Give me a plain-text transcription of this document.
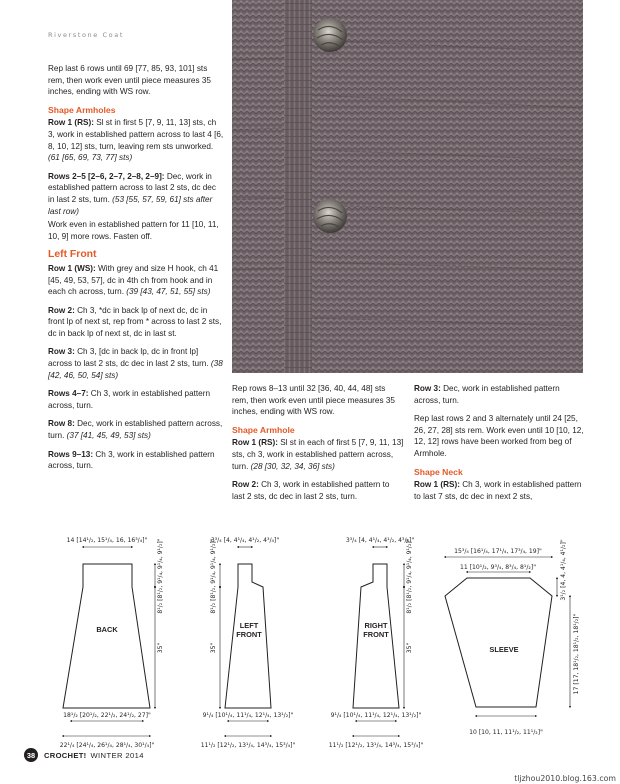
Riverstone Coat

Rep last 6 rows until 69 [77, 85, 93, 101] sts rem, then work even until piece measures 35 inches, ending with WS row.

Shape Armholes

Row 1 (RS): Sl st in first 5 [7, 9, 11, 13] sts, ch 3, work in established pattern across to last 4 [6, 8, 10, 12] sts, turn, leaving rem sts unworked. (61 [65, 69, 73, 77] sts)

Rows 2–5 [2–6, 2–7, 2–8, 2–9]: Dec, work in established pattern across to last 2 sts, dc dec in last 2 sts, turn. (53 [55, 57, 59, 61] sts after last row)

Work even in established pattern for 11 [10, 11, 10, 9] more rows. Fasten off.

Left Front

Row 1 (WS): With grey and size H hook, ch 41 [45, 49, 53, 57], dc in 4th ch from hook and in each ch across, turn. (39 [43, 47, 51, 55] sts)

Row 2: Ch 3, *dc in back lp of next dc, dc in front lp of next st, rep from * across to last 2 sts, dc in back lp of next st, dc in last st.

Row 3: Ch 3, [dc in back lp, dc in front lp] across to last 2 sts, dc dec in last 2 sts, turn. (38 [42, 46, 50, 54] sts)

Rows 4–7: Ch 3, work in established pattern across, turn.

Row 8: Dec, work in established pattern across, turn. (37 [41, 45, 49, 53] sts)

Rows 9–13: Ch 3, work in established pattern across, turn.

Rep rows 8–13 until 32 [36, 40, 44, 48] sts rem, then work even until piece measures 35 inches, ending with WS row.

Shape Armhole

Row 1 (RS): Sl st in each of first 5 [7, 9, 11, 13] sts, ch 3, work in established pattern across, turn. (28 [30, 32, 34, 36] sts)

Row 2: Ch 3, work in established pattern to last 2 sts, dc dec in last 2 sts, turn.

Row 3: Dec, work in established pattern across, turn.

Rep last rows 2 and 3 alternately until 24 [25, 26, 27, 28] sts rem. Work even until 10 [10, 12, 12, 12] rows have been worked from beg of Armhole.

Shape Neck

Row 1 (RS): Ch 3, work in established pattern to last 7 sts, dc dec in next 2 sts,

BACK
14 [14¹/₂, 15¹/₄, 16, 16³/₄]" 8¹/₂ [8¹/₂, 9¹/₄, 9¹/₄, 9¹/₂]"
35"
18¹/₂ [20¹/₂, 22¹/₂, 24¹/₂, 27]"
22¹/₄ [24¹/₄, 26¹/₄, 28¹/₄, 30¹/₄]"
LEFT
FRONT
3³/₄ [4, 4¹/₄, 4¹/₂, 4³/₄]"
8¹/₂ [8¹/₂, 9¹/₄, 9¹/₄, 9¹/₂]"
35"
9¹/₄ [10¹/₄, 11¹/₄, 12¹/₄, 13¹/₂]"
11¹/₂ [12¹/₂, 13¹/₄, 14³/₄, 15³/₄]"
RIGHT
FRONT
3³/₄ [4, 4¹/₄, 4¹/₂, 4³/₄]"
8¹/₂ [8¹/₂, 9¹/₄, 9¹/₄, 9¹/₂]"
35"
9¹/₄ [10¹/₄, 11¹/₄, 12¹/₄, 13¹/₂]"
11¹/₂ [12¹/₂, 13¹/₄, 14³/₄, 15³/₄]"
SLEEVE
15³/₄ [16¹/₄, 17¹/₄, 17³/₄, 19]"
11 [10¹/₂, 9³/₄, 8³/₄, 8¹/₂]"	3¹/₂ [4, 4, 4¹/₄, 4¹/₂]"
17 [17, 18¹/₂, 18¹/₂, 18¹/₂]"
10 [10, 11, 11¹/₂, 11¹/₂]"
38	CROCHET! WINTER 2014
tljzhou2010.blog.163.com
